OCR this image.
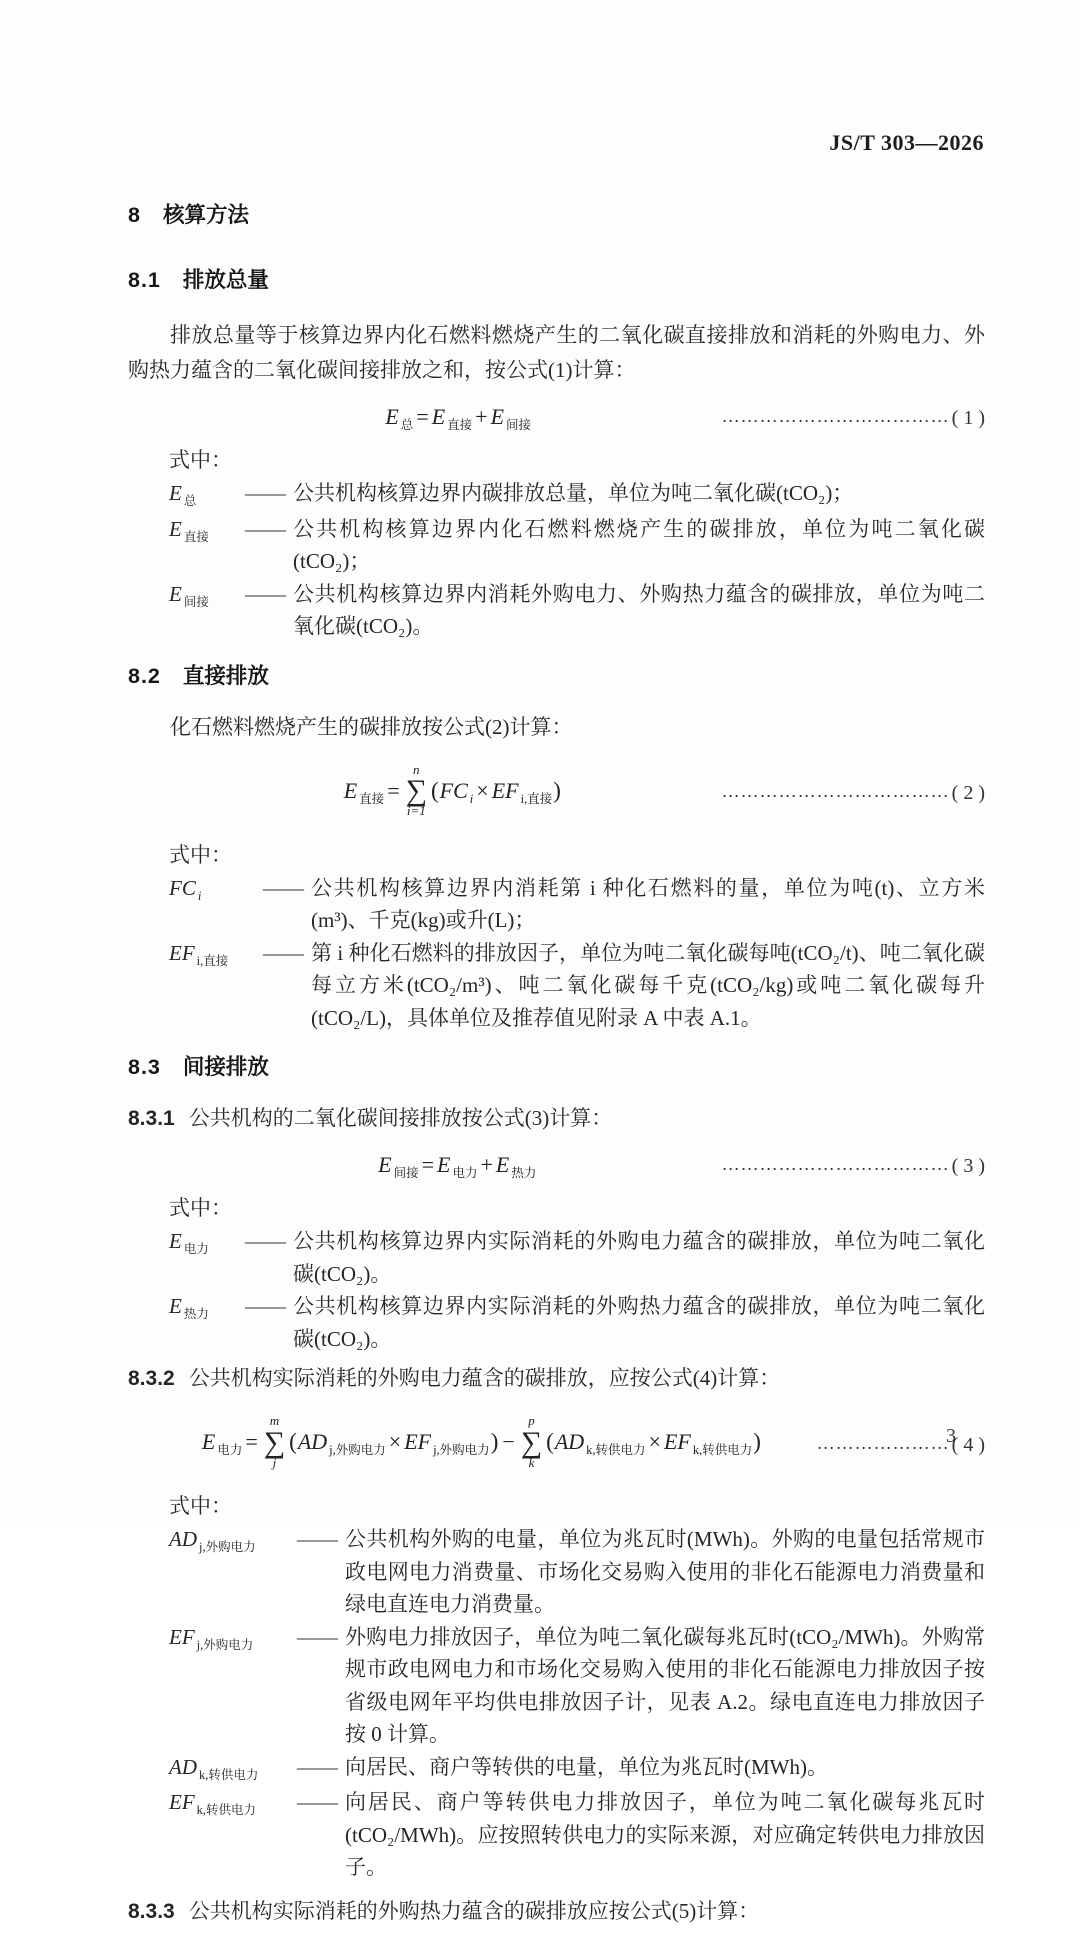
JS/T 303—2026
8 核算方法
8.1 排放总量

排放总量等于核算边界内化石燃料燃烧产生的二氧化碳直接排放和消耗的外购电力、外购热力蕴含的二氧化碳间接排放之和，按公式(1)计算：

E $_总$ = E $_{直接}$ + E $_{间接}$	……………………………… ( 1 )

式中：

E $_总$	—— 公共机构核算边界内碳排放总量，单位为吨二氧化碳(tCO₂)；
E $_{直接}$	—— 公共机构核算边界内化石燃料燃烧产生的碳排放，单位为吨二氧化碳(tCO₂)；
E $_{间接}$	—— 公共机构核算边界内消耗外购电力、外购热力蕴含的碳排放，单位为吨二氧化碳(tCO₂)。
8.2 直接排放

化石燃料燃烧产生的碳排放按公式(2)计算：

E $_{直接}$ =
n
∑
i=1
(FC $_i$ × EF $_{i,直接}$)	……………………………… ( 2 )

式中：

FC $_i$	—— 公共机构核算边界内消耗第 i 种化石燃料的量，单位为吨(t)、立方米(m³)、千克(kg)或升(L)；
EF $_{i,直接}$	—— 第 i 种化石燃料的排放因子，单位为吨二氧化碳每吨(tCO₂/t)、吨二氧化碳每立方米(tCO₂/m³)、吨二氧化碳每千克(tCO₂/kg)或吨二氧化碳每升(tCO₂/L)，具体单位及推荐值见附录 A 中表 A.1。
8.3 间接排放

8.3.1 公共机构的二氧化碳间接排放按公式(3)计算：

E $_{间接}$ = E $_{电力}$ + E $_{热力}$	……………………………… ( 3 )

式中：

E $_{电力}$	—— 公共机构核算边界内实际消耗的外购电力蕴含的碳排放，单位为吨二氧化碳(tCO₂)。
E $_{热力}$	—— 公共机构核算边界内实际消耗的外购热力蕴含的碳排放，单位为吨二氧化碳(tCO₂)。

8.3.2 公共机构实际消耗的外购电力蕴含的碳排放，应按公式(4)计算：

E $_{电力}$ =
m
∑
j
(AD $_{j,外购电力}$ × EF $_{j,外购电力}$) −
p
∑
k
(AD $_{k,转供电力}$ × EF $_{k,转供电力}$)	………………… ( 4 )

式中：

AD $_{j,外购电力}$	—— 公共机构外购的电量，单位为兆瓦时(MWh)。外购的电量包括常规市政电网电力消费量、市场化交易购入使用的非化石能源电力消费量和绿电直连电力消费量。
EF $_{j,外购电力}$	—— 外购电力排放因子，单位为吨二氧化碳每兆瓦时(tCO₂/MWh)。外购常规市政电网电力和市场化交易购入使用的非化石能源电力排放因子按省级电网年平均供电排放因子计，见表 A.2。绿电直连电力排放因子按 0 计算。
AD $_{k,转供电力}$	—— 向居民、商户等转供的电量，单位为兆瓦时(MWh)。
EF $_{k,转供电力}$	—— 向居民、商户等转供电力排放因子，单位为吨二氧化碳每兆瓦时(tCO₂/MWh)。应按照转供电力的实际来源，对应确定转供电力排放因子。

8.3.3 公共机构实际消耗的外购热力蕴含的碳排放应按公式(5)计算：

3
